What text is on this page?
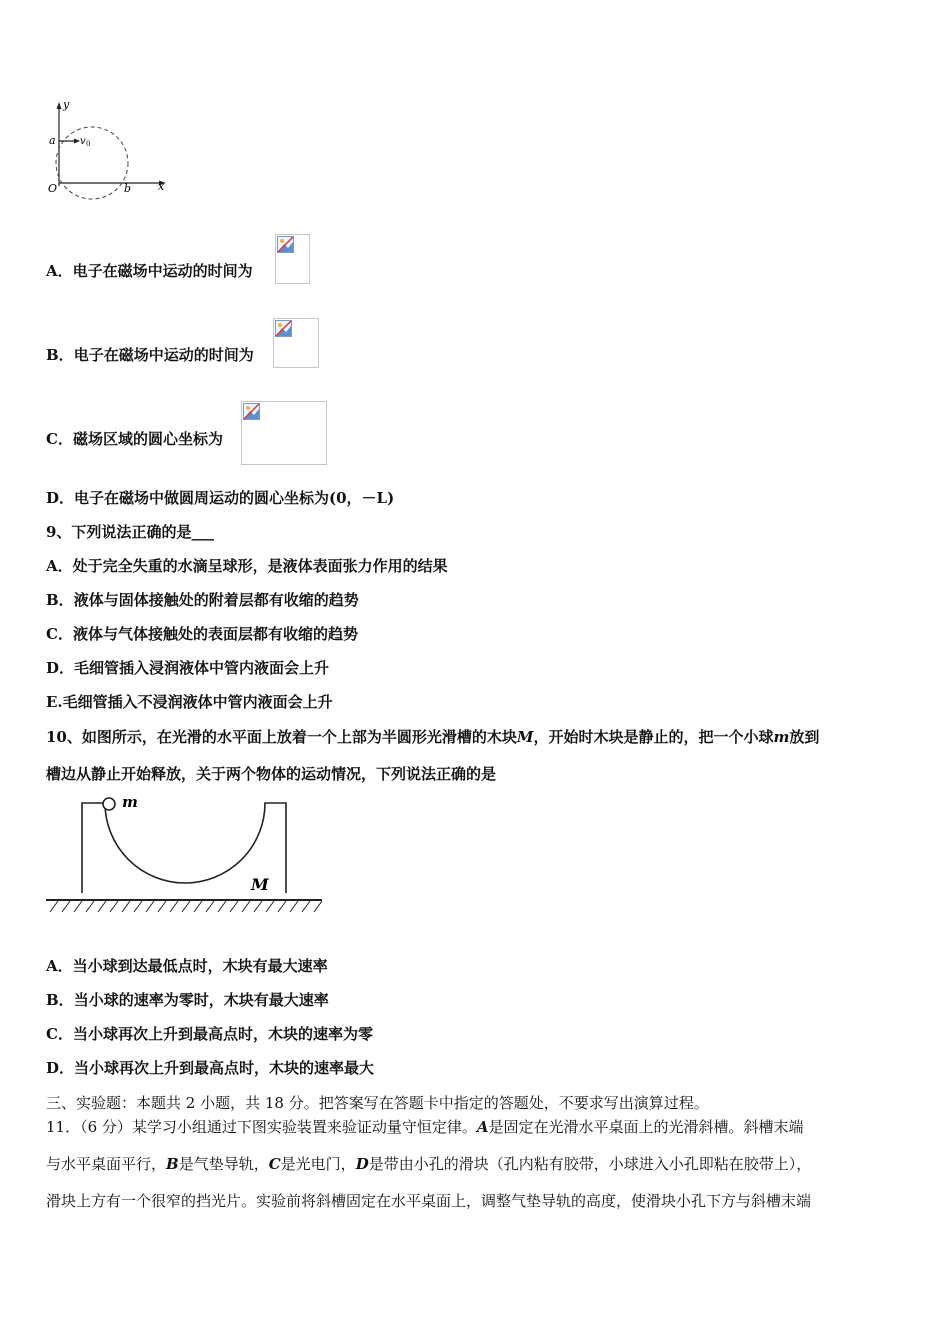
y
a v 0
O	b x
A．电子在磁场中运动的时间为
B．电子在磁场中运动的时间为
C．磁场区域的圆心坐标为
D．电子在磁场中做圆周运动的圆心坐标为(0，－L)
9、下列说法正确的是___
A．处于完全失重的水滴呈球形，是液体表面张力作用的结果
B．液体与固体接触处的附着层都有收缩的趋势
C．液体与气体接触处的表面层都有收缩的趋势
D．毛细管插入浸润液体中管内液面会上升
E.毛细管插入不浸润液体中管内液面会上升
10、如图所示，在光滑的水平面上放着一个上部为半圆形光滑槽的木块M，开始时木块是静止的，把一个小球m放到
槽边从静止开始释放，关于两个物体的运动情况，下列说法正确的是
m
M
A．当小球到达最低点时，木块有最大速率
B．当小球的速率为零时，木块有最大速率
C．当小球再次上升到最高点时，木块的速率为零
D．当小球再次上升到最高点时，木块的速率最大
三、实验题：本题共 2 小题，共 18 分。把答案写在答题卡中指定的答题处，不要求写出演算过程。
11．（6 分）某学习小组通过下图实验装置来验证动量守恒定律。A是固定在光滑水平桌面上的光滑斜槽。斜槽末端
与水平桌面平行，B是气垫导轨，C是光电门，D是带由小孔的滑块（孔内粘有胶带，小球进入小孔即粘在胶带上），
滑块上方有一个很窄的挡光片。实验前将斜槽固定在水平桌面上，调整气垫导轨的高度，使滑块小孔下方与斜槽末端
